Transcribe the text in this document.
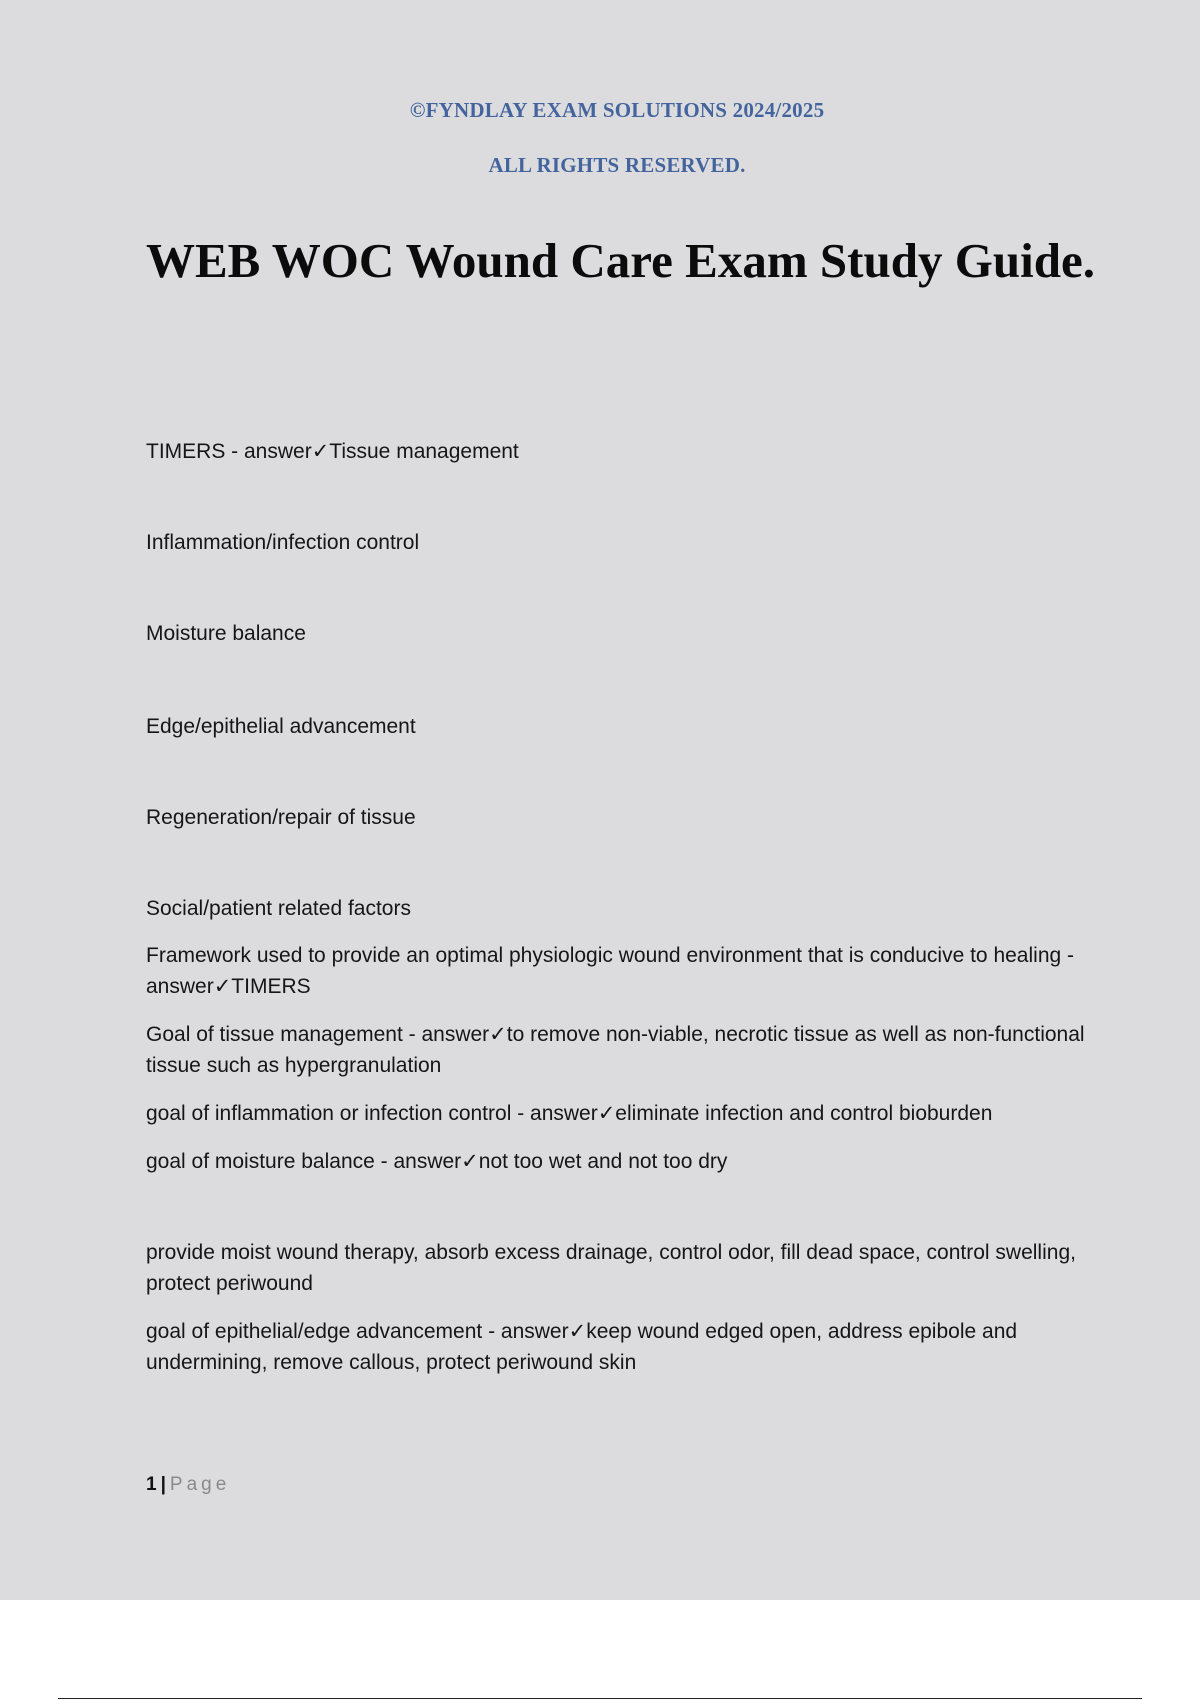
©FYNDLAY EXAM SOLUTIONS 2024/2025
ALL RIGHTS RESERVED.
WEB WOC Wound Care Exam Study Guide.
TIMERS - answer✓Tissue management
Inflammation/infection control
Moisture balance
Edge/epithelial advancement
Regeneration/repair of tissue
Social/patient related factors
Framework used to provide an optimal physiologic wound environment that is conducive to healing - answer✓TIMERS
Goal of tissue management - answer✓to remove non-viable, necrotic tissue as well as non-functional tissue such as hypergranulation
goal of inflammation or infection control - answer✓eliminate infection and control bioburden
goal of moisture balance - answer✓not too wet and not too dry
provide moist wound therapy, absorb excess drainage, control odor, fill dead space, control swelling, protect periwound
goal of epithelial/edge advancement - answer✓keep wound edged open, address epibole and undermining, remove callous, protect periwound skin
1 | Page
